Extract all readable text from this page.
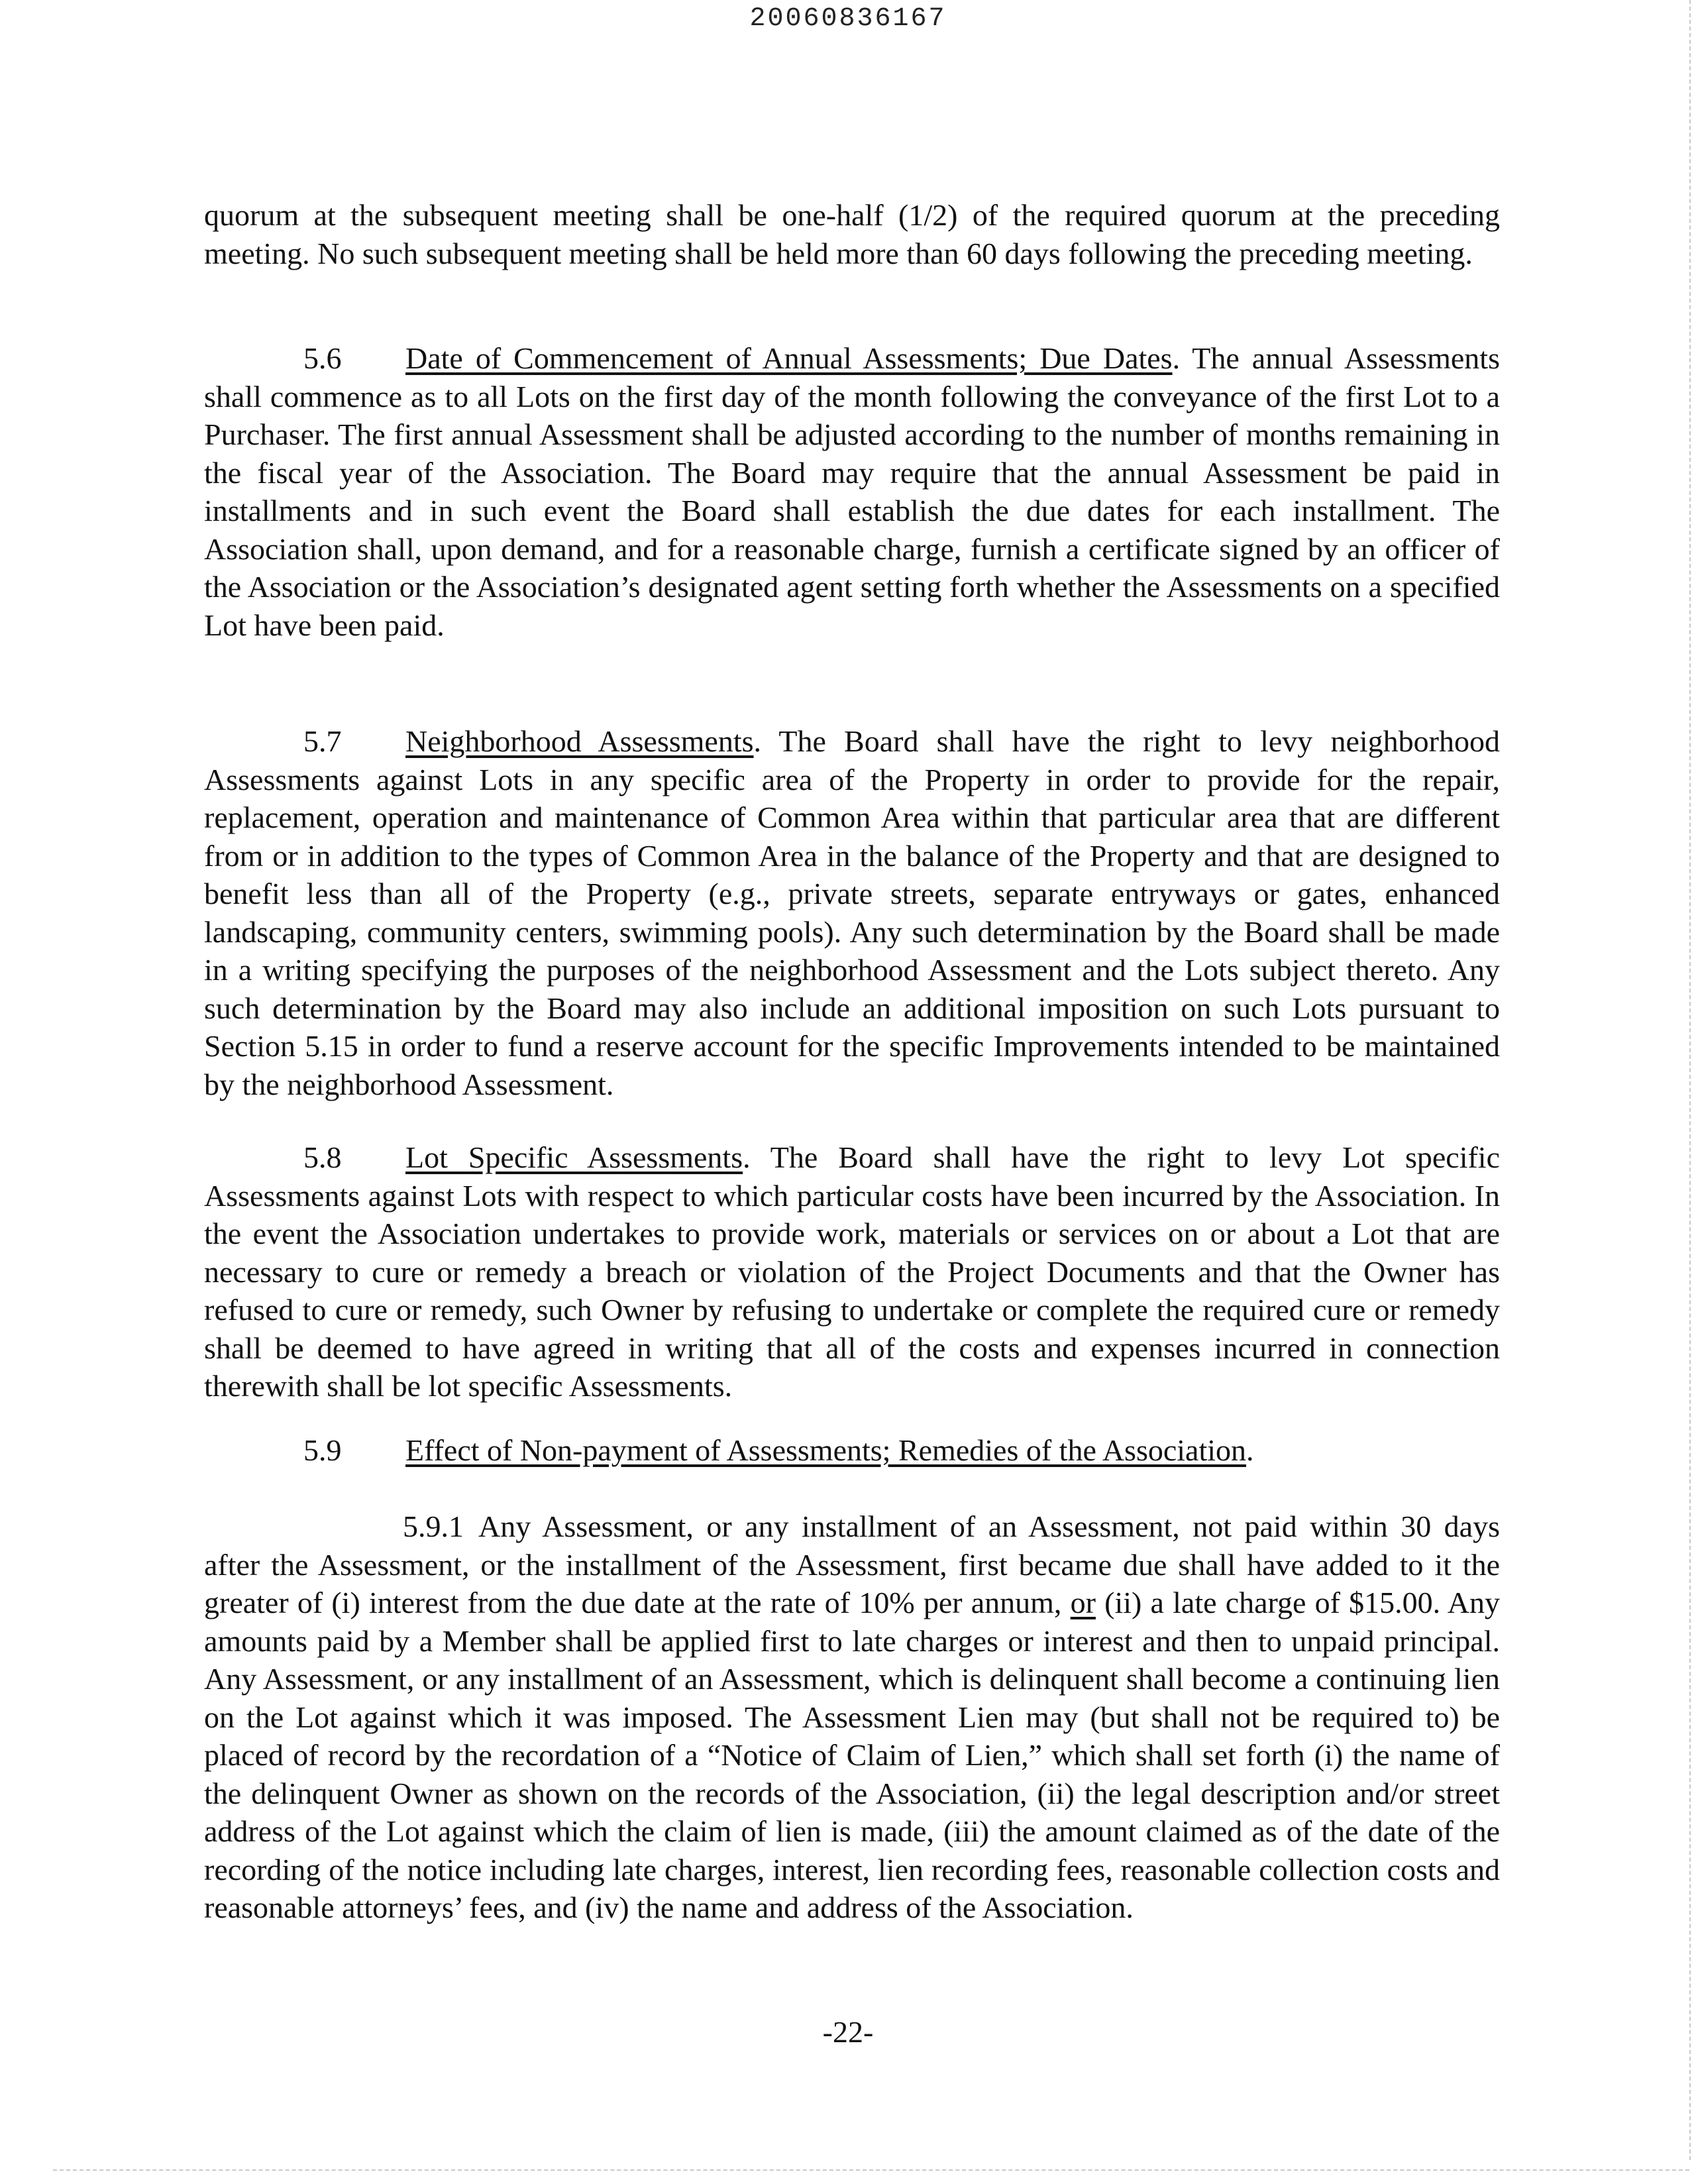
20060836167

quorum at the subsequent meeting shall be one-half (1/2) of the required quorum at the preceding meeting. No such subsequent meeting shall be held more than 60 days following the preceding meeting.

5.6 Date of Commencement of Annual Assessments; Due Dates. The annual Assessments shall commence as to all Lots on the first day of the month following the conveyance of the first Lot to a Purchaser. The first annual Assessment shall be adjusted according to the number of months remaining in the fiscal year of the Association. The Board may require that the annual Assessment be paid in installments and in such event the Board shall establish the due dates for each installment. The Association shall, upon demand, and for a reasonable charge, furnish a certificate signed by an officer of the Association or the Association’s designated agent setting forth whether the Assessments on a specified Lot have been paid.

5.7 Neighborhood Assessments. The Board shall have the right to levy neighborhood Assessments against Lots in any specific area of the Property in order to provide for the repair, replacement, operation and maintenance of Common Area within that particular area that are different from or in addition to the types of Common Area in the balance of the Property and that are designed to benefit less than all of the Property (e.g., private streets, separate entryways or gates, enhanced landscaping, community centers, swimming pools). Any such determination by the Board shall be made in a writing specifying the purposes of the neighborhood Assessment and the Lots subject thereto. Any such determination by the Board may also include an additional imposition on such Lots pursuant to Section 5.15 in order to fund a reserve account for the specific Improvements intended to be maintained by the neighborhood Assessment.

5.8 Lot Specific Assessments. The Board shall have the right to levy Lot specific Assessments against Lots with respect to which particular costs have been incurred by the Association. In the event the Association undertakes to provide work, materials or services on or about a Lot that are necessary to cure or remedy a breach or violation of the Project Documents and that the Owner has refused to cure or remedy, such Owner by refusing to undertake or complete the required cure or remedy shall be deemed to have agreed in writing that all of the costs and expenses incurred in connection therewith shall be lot specific Assessments.

5.9 Effect of Non-payment of Assessments; Remedies of the Association.

5.9.1 Any Assessment, or any installment of an Assessment, not paid within 30 days after the Assessment, or the installment of the Assessment, first became due shall have added to it the greater of (i) interest from the due date at the rate of 10% per annum, or (ii) a late charge of $15.00. Any amounts paid by a Member shall be applied first to late charges or interest and then to unpaid principal. Any Assessment, or any installment of an Assessment, which is delinquent shall become a continuing lien on the Lot against which it was imposed. The Assessment Lien may (but shall not be required to) be placed of record by the recordation of a “Notice of Claim of Lien,” which shall set forth (i) the name of the delinquent Owner as shown on the records of the Association, (ii) the legal description and/or street address of the Lot against which the claim of lien is made, (iii) the amount claimed as of the date of the recording of the notice including late charges, interest, lien recording fees, reasonable collection costs and reasonable attorneys’ fees, and (iv) the name and address of the Association.

-22-
